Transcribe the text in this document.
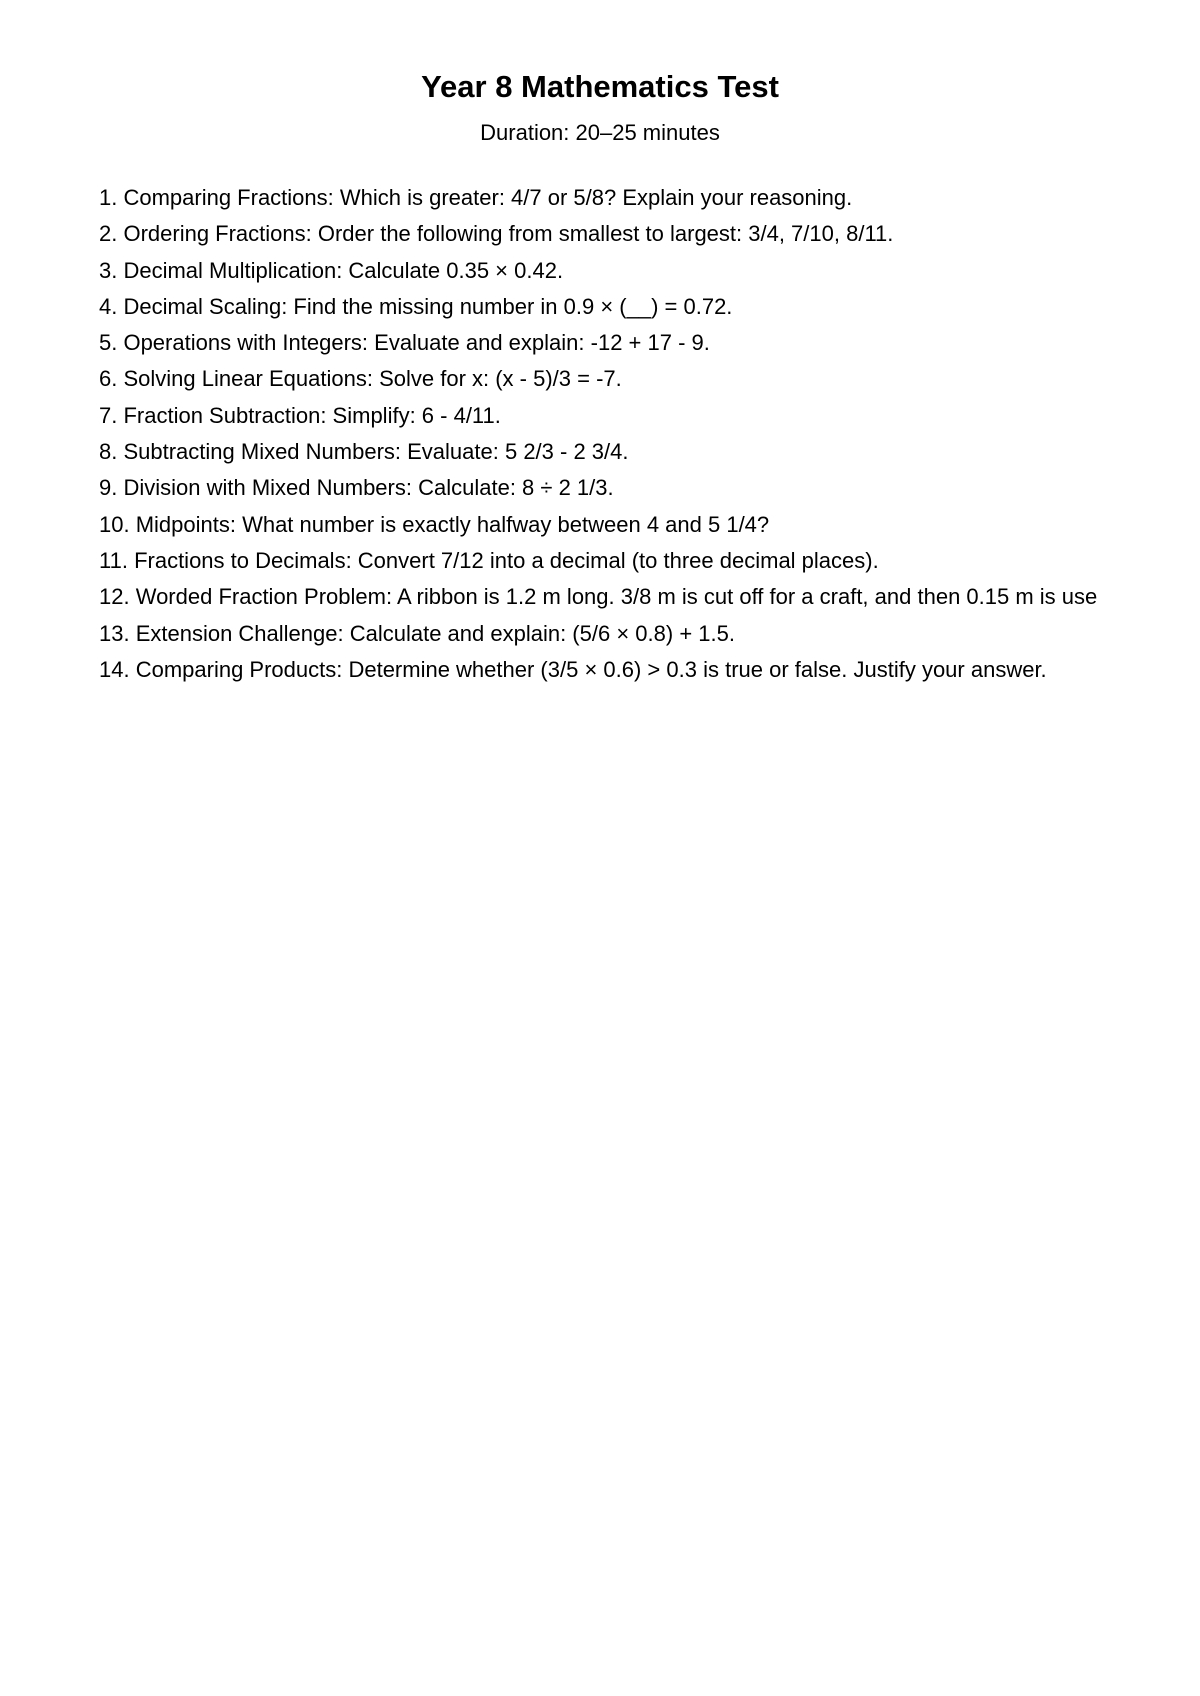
Year 8 Mathematics Test

Duration: 20–25 minutes

1. Comparing Fractions: Which is greater: 4/7 or 5/8? Explain your reasoning.
2. Ordering Fractions: Order the following from smallest to largest: 3/4, 7/10, 8/11.
3. Decimal Multiplication: Calculate 0.35 × 0.42.
4. Decimal Scaling: Find the missing number in 0.9 × (__) = 0.72.
5. Operations with Integers: Evaluate and explain: -12 + 17 - 9.
6. Solving Linear Equations: Solve for x: (x - 5)/3 = -7.
7. Fraction Subtraction: Simplify: 6 - 4/11.
8. Subtracting Mixed Numbers: Evaluate: 5 2/3 - 2 3/4.
9. Division with Mixed Numbers: Calculate: 8 ÷ 2 1/3.
10. Midpoints: What number is exactly halfway between 4 and 5 1/4?
11. Fractions to Decimals: Convert 7/12 into a decimal (to three decimal places).
12. Worded Fraction Problem: A ribbon is 1.2 m long. 3/8 m is cut off for a craft, and then 0.15 m is use
13. Extension Challenge: Calculate and explain: (5/6 × 0.8) + 1.5.
14. Comparing Products: Determine whether (3/5 × 0.6) > 0.3 is true or false. Justify your answer.
